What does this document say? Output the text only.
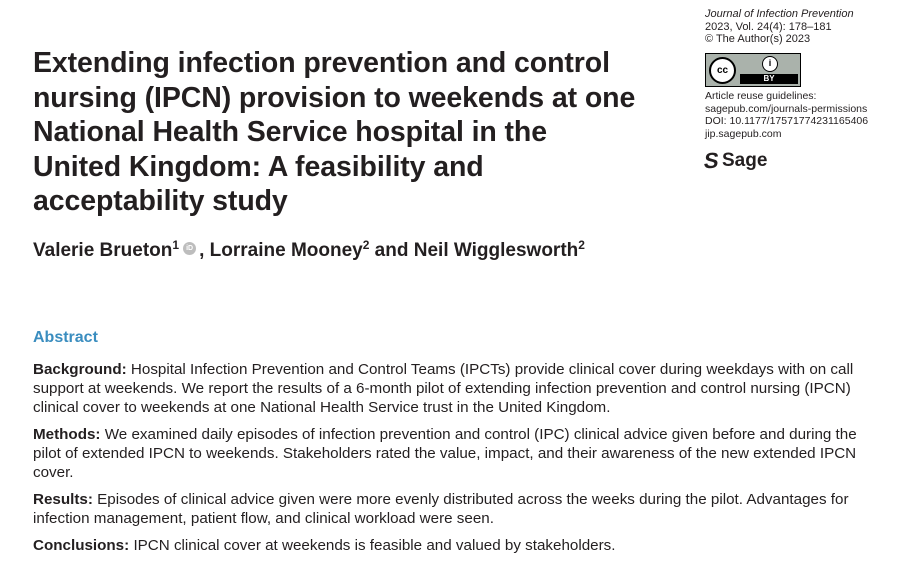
Extending infection prevention and control
nursing (IPCN) provision to weekends at one
National Health Service hospital in the
United Kingdom: A feasibility and
acceptability study

Valerie Brueton$^1$ iD , Lorraine Mooney$^2$ and Neil Wigglesworth$^2$

Journal of Infection Prevention
2023, Vol. 24(4): 178–181
© The Author(s) 2023
cc
i
BY
Article reuse guidelines:
sagepub.com/journals-permissions
DOI: 10.1177/17571774231165406
jip.sagepub.com
S Sage
Abstract

Background: Hospital Infection Prevention and Control Teams (IPCTs) provide clinical cover during weekdays with on call support at weekends. We report the results of a 6-month pilot of extending infection prevention and control nursing (IPCN) clinical cover to weekends at one National Health Service trust in the United Kingdom.

Methods: We examined daily episodes of infection prevention and control (IPC) clinical advice given before and during the pilot of extended IPCN to weekends. Stakeholders rated the value, impact, and their awareness of the new extended IPCN cover.

Results: Episodes of clinical advice given were more evenly distributed across the weeks during the pilot. Advantages for infection management, patient flow, and clinical workload were seen.

Conclusions: IPCN clinical cover at weekends is feasible and valued by stakeholders.
